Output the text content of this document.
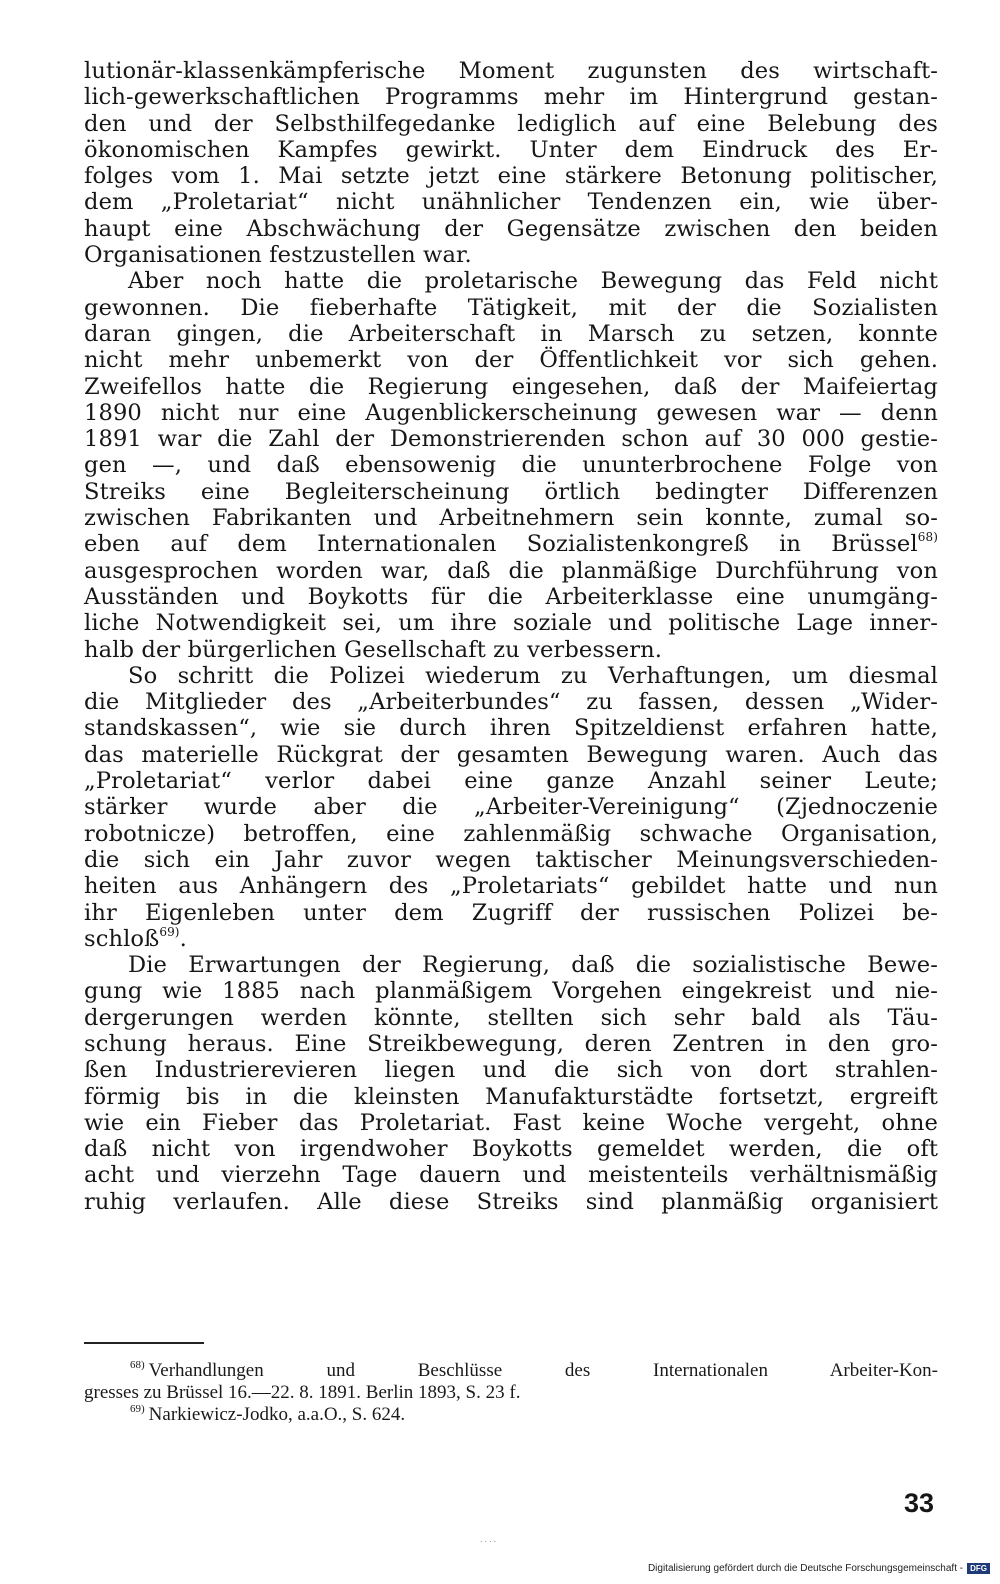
lutionär-klassenkämpferische Moment zugunsten des wirtschaft-
lich-gewerkschaftlichen Programms mehr im Hintergrund gestan-
den und der Selbsthilfegedanke lediglich auf eine Belebung des
ökonomischen Kampfes gewirkt. Unter dem Eindruck des Er-
folges vom 1. Mai setzte jetzt eine stärkere Betonung politischer,
dem „Proletariat“ nicht unähnlicher Tendenzen ein, wie über-
haupt eine Abschwächung der Gegensätze zwischen den beiden
Organisationen festzustellen war.
Aber noch hatte die proletarische Bewegung das Feld nicht
gewonnen. Die fieberhafte Tätigkeit, mit der die Sozialisten
daran gingen, die Arbeiterschaft in Marsch zu setzen, konnte
nicht mehr unbemerkt von der Öffentlichkeit vor sich gehen.
Zweifellos hatte die Regierung eingesehen, daß der Maifeiertag
1890 nicht nur eine Augenblickerscheinung gewesen war — denn
1891 war die Zahl der Demonstrierenden schon auf 30 000 gestie-
gen —, und daß ebensowenig die ununterbrochene Folge von
Streiks eine Begleiterscheinung örtlich bedingter Differenzen
zwischen Fabrikanten und Arbeitnehmern sein konnte, zumal so-
eben auf dem Internationalen Sozialistenkongreß in Brüssel$^{68)}$
ausgesprochen worden war, daß die planmäßige Durchführung von
Ausständen und Boykotts für die Arbeiterklasse eine unumgäng-
liche Notwendigkeit sei, um ihre soziale und politische Lage inner-
halb der bürgerlichen Gesellschaft zu verbessern.
So schritt die Polizei wiederum zu Verhaftungen, um diesmal
die Mitglieder des „Arbeiterbundes“ zu fassen, dessen „Wider-
standskassen“, wie sie durch ihren Spitzeldienst erfahren hatte,
das materielle Rückgrat der gesamten Bewegung waren. Auch das
„Proletariat“ verlor dabei eine ganze Anzahl seiner Leute;
stärker wurde aber die „Arbeiter-Vereinigung“ (Zjednoczenie
robotnicze) betroffen, eine zahlenmäßig schwache Organisation,
die sich ein Jahr zuvor wegen taktischer Meinungsverschieden-
heiten aus Anhängern des „Proletariats“ gebildet hatte und nun
ihr Eigenleben unter dem Zugriff der russischen Polizei be-
schloß$^{69)}$.
Die Erwartungen der Regierung, daß die sozialistische Bewe-
gung wie 1885 nach planmäßigem Vorgehen eingekreist und nie-
dergerungen werden könnte, stellten sich sehr bald als Täu-
schung heraus. Eine Streikbewegung, deren Zentren in den gro-
ßen Industrierevieren liegen und die sich von dort strahlen-
förmig bis in die kleinsten Manufakturstädte fortsetzt, ergreift
wie ein Fieber das Proletariat. Fast keine Woche vergeht, ohne
daß nicht von irgendwoher Boykotts gemeldet werden, die oft
acht und vierzehn Tage dauern und meistenteils verhältnismäßig
ruhig verlaufen. Alle diese Streiks sind planmäßig organisiert
$^{68)}$ Verhandlungen und Beschlüsse des Internationalen Arbeiter-Kon-
gresses zu Brüssel 16.—22. 8. 1891. Berlin 1893, S. 23 f.
$^{69)}$ Narkiewicz-Jodko, a.a.O., S. 624.
33
....
Digitalisierung gefördert durch die Deutsche Forschungsgemeinschaft - DFG
